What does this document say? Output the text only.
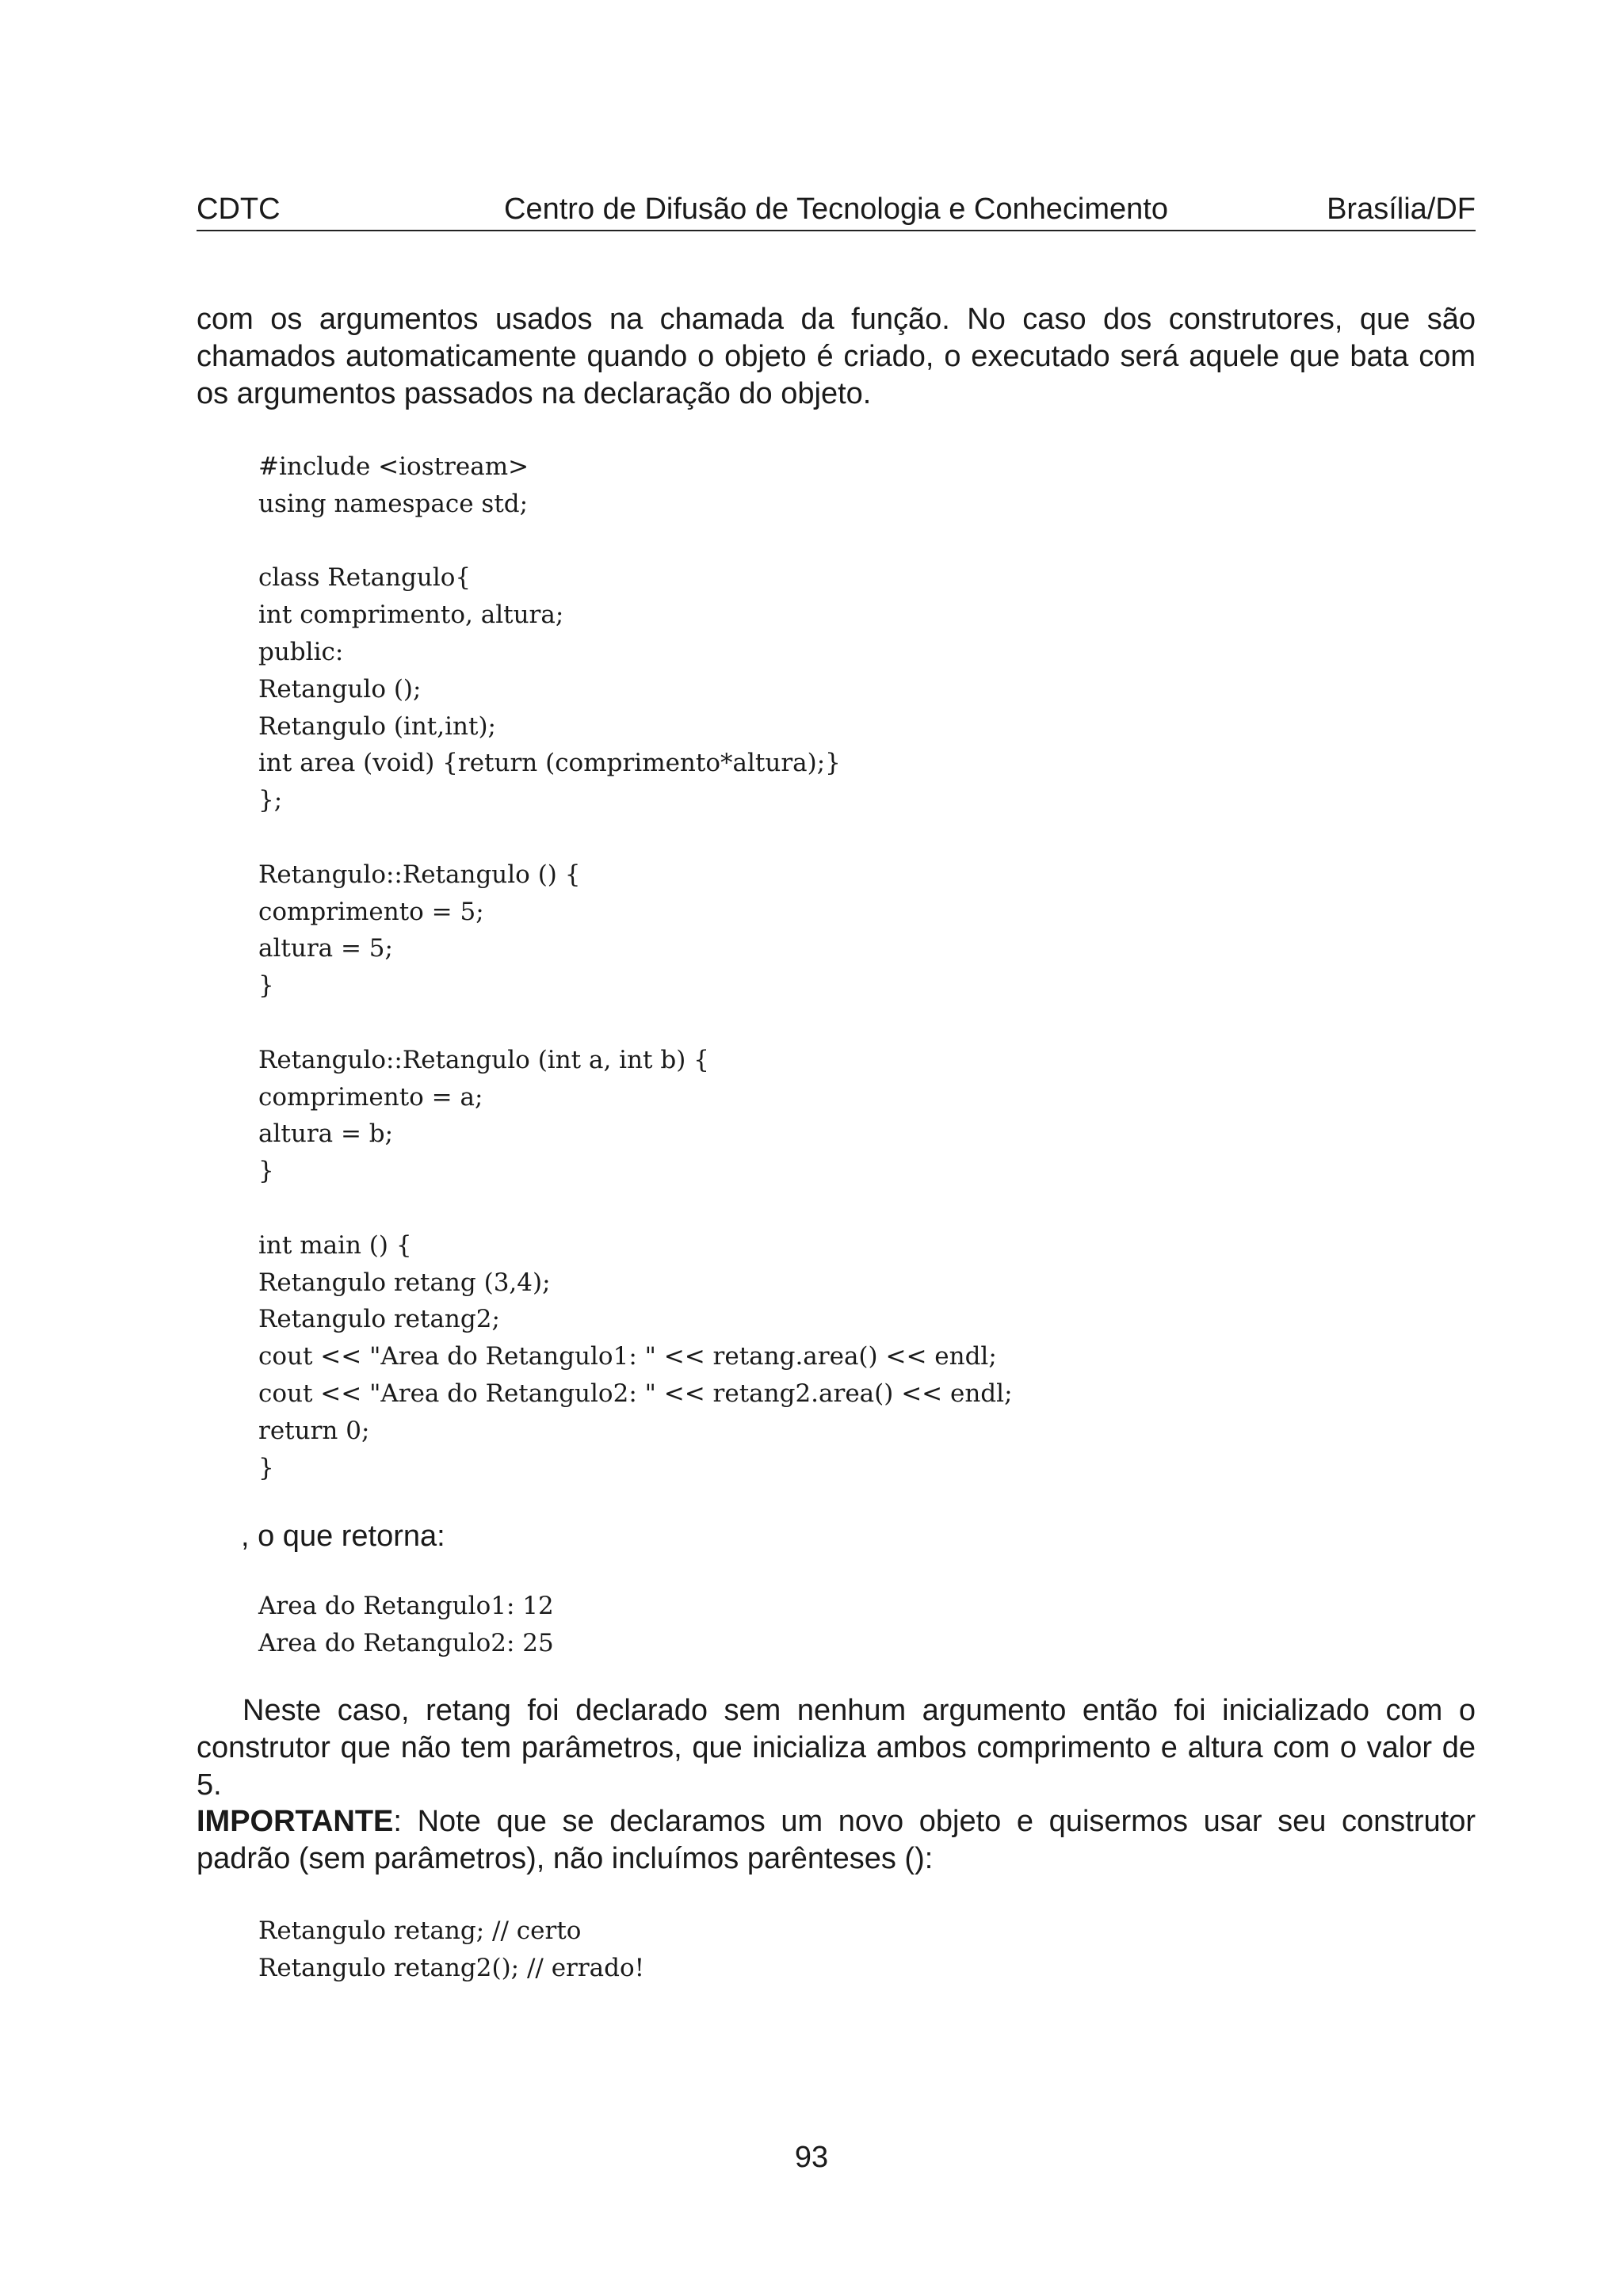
CDTC	Centro de Difusão de Tecnologia e Conhecimento	Brasília/DF

com os argumentos usados na chamada da função. No caso dos construtores, que são chamados automaticamente quando o objeto é criado, o executado será aquele que bata com os argumentos passados na declaração do objeto.

#include <iostream>
using namespace std;
class Retangulo{
int comprimento, altura;
public:
Retangulo ();
Retangulo (int,int);
int area (void) {return (comprimento*altura);}
};
Retangulo::Retangulo () {
comprimento = 5;
altura = 5;
}
Retangulo::Retangulo (int a, int b) {
comprimento = a;
altura = b;
}
int main () {
Retangulo retang (3,4);
Retangulo retang2;
cout << "Area do Retangulo1: " << retang.area() << endl;
cout << "Area do Retangulo2: " << retang2.area() << endl;
return 0;
}
, o que retorna:
Area do Retangulo1: 12
Area do Retangulo2: 25

Neste caso, retang foi declarado sem nenhum argumento então foi inicializado com o construtor que não tem parâmetros, que inicializa ambos comprimento e altura com o valor de 5.

IMPORTANTE: Note que se declaramos um novo objeto e quisermos usar seu construtor padrão (sem parâmetros), não incluímos parênteses ():

Retangulo retang; // certo
Retangulo retang2(); // errado!
93
